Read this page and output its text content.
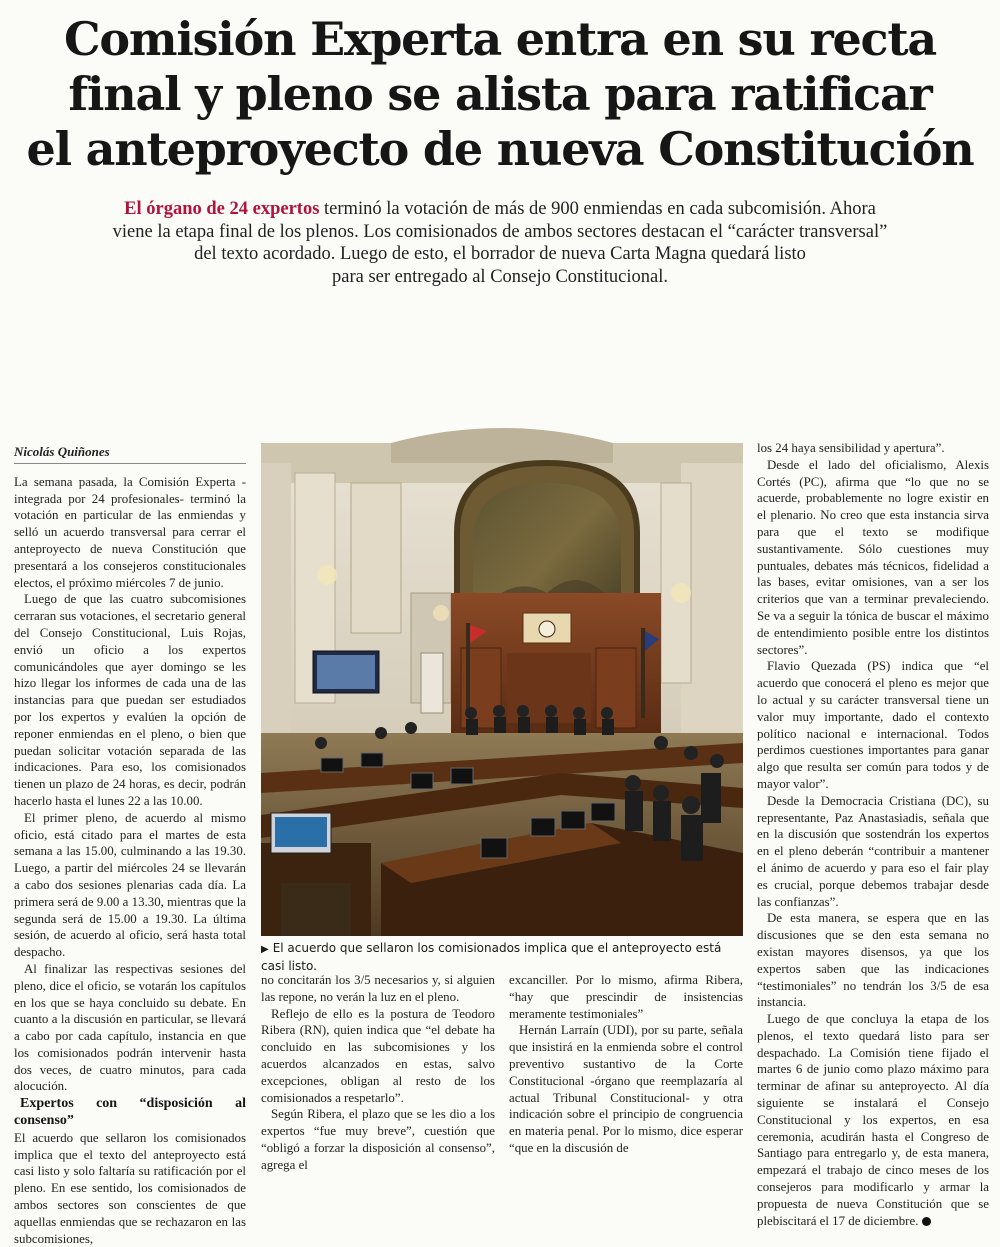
Comisión Experta entra en su recta
final y pleno se alista para ratificar
el anteproyecto de nueva Constitución
El órgano de 24 expertos terminó la votación de más de 900 enmiendas en cada subcomisión. Ahora
viene la etapa final de los plenos. Los comisionados de ambos sectores destacan el “carácter transversal”
del texto acordado. Luego de esto, el borrador de nueva Carta Magna quedará listo
para ser entregado al Consejo Constitucional.
Nicolás Quiñones

La semana pasada, la Comisión Experta -integrada por 24 profesionales- terminó la votación en particular de las enmiendas y selló un acuerdo transversal para cerrar el anteproyecto de nueva Constitución que presentará a los consejeros constitucionales electos, el próximo miércoles 7 de junio.

Luego de que las cuatro subcomisiones cerraran sus votaciones, el secretario general del Consejo Constitucional, Luis Rojas, envió un oficio a los expertos comunicándoles que ayer domingo se les hizo llegar los informes de cada una de las instancias para que puedan ser estudiados por los expertos y evalúen la opción de reponer enmiendas en el pleno, o bien que puedan solicitar votación separada de las indicaciones. Para eso, los comisionados tienen un plazo de 24 horas, es decir, podrán hacerlo hasta el lunes 22 a las 10.00.

El primer pleno, de acuerdo al mismo oficio, está citado para el martes de esta semana a las 15.00, culminando a las 19.30. Luego, a partir del miércoles 24 se llevarán a cabo dos sesiones plenarias cada día. La primera será de 9.00 a 13.30, mientras que la segunda será de 15.00 a 19.30. La última sesión, de acuerdo al oficio, será hasta total despacho.

Al finalizar las respectivas sesiones del pleno, dice el oficio, se votarán los capítulos en los que se haya concluido su debate. En cuanto a la discusión en particular, se llevará a cabo por cada capítulo, instancia en que los comisionados podrán intervenir hasta dos veces, de cuatro minutos, para cada alocución.

Expertos con “disposición al consenso”

El acuerdo que sellaron los comisionados implica que el texto del anteproyecto está casi listo y solo faltaría su ratificación por el pleno. En ese sentido, los comisionados de ambos sectores son conscientes de que aquellas enmiendas que se rechazaron en las subcomisiones,

▶ El acuerdo que sellaron los comisionados implica que el anteproyecto está casi listo.

no concitarán los 3/5 necesarios y, si alguien las repone, no verán la luz en el pleno.

Reflejo de ello es la postura de Teodoro Ribera (RN), quien indica que “el debate ha concluido en las subcomisiones y los acuerdos alcanzados en estas, salvo excepciones, obligan al resto de los comisionados a respetarlo”.

Según Ribera, el plazo que se les dio a los expertos “fue muy breve”, cuestión que “obligó a forzar la disposición al consenso”, agrega el

excanciller. Por lo mismo, afirma Ribera, “hay que prescindir de insistencias meramente testimoniales”

Hernán Larraín (UDI), por su parte, señala que insistirá en la enmienda sobre el control preventivo sustantivo de la Corte Constitucional -órgano que reemplazaría al actual Tribunal Constitucional- y otra indicación sobre el principio de congruencia en materia penal. Por lo mismo, dice esperar “que en la discusión de

los 24 haya sensibilidad y apertura”.

Desde el lado del oficialismo, Alexis Cortés (PC), afirma que “lo que no se acuerde, probablemente no logre existir en el plenario. No creo que esta instancia sirva para que el texto se modifique sustantivamente. Sólo cuestiones muy puntuales, debates más técnicos, fidelidad a las bases, evitar omisiones, van a ser los criterios que van a terminar prevaleciendo. Se va a seguir la tónica de buscar el máximo de entendimiento posible entre los distintos sectores”.

Flavio Quezada (PS) indica que “el acuerdo que conocerá el pleno es mejor que lo actual y su carácter transversal tiene un valor muy importante, dado el contexto político nacional e internacional. Todos perdimos cuestiones importantes para ganar algo que resulta ser común para todos y de mayor valor”.

Desde la Democracia Cristiana (DC), su representante, Paz Anastasiadis, señala que en la discusión que sostendrán los expertos en el pleno deberán “contribuir a mantener el ánimo de acuerdo y para eso el fair play es crucial, porque debemos trabajar desde las confianzas”.

De esta manera, se espera que en las discusiones que se den esta semana no existan mayores disensos, ya que los expertos saben que las indicaciones “testimoniales” no tendrán los 3/5 de esa instancia.

Luego de que concluya la etapa de los plenos, el texto quedará listo para ser despachado. La Comisión tiene fijado el martes 6 de junio como plazo máximo para terminar de afinar su anteproyecto. Al día siguiente se instalará el Consejo Constitucional y los expertos, en esa ceremonia, acudirán hasta el Congreso de Santiago para entregarlo y, de esta manera, empezará el trabajo de cinco meses de los consejeros para modificarlo y armar la propuesta de nueva Constitución que se plebiscitará el 17 de diciembre.
